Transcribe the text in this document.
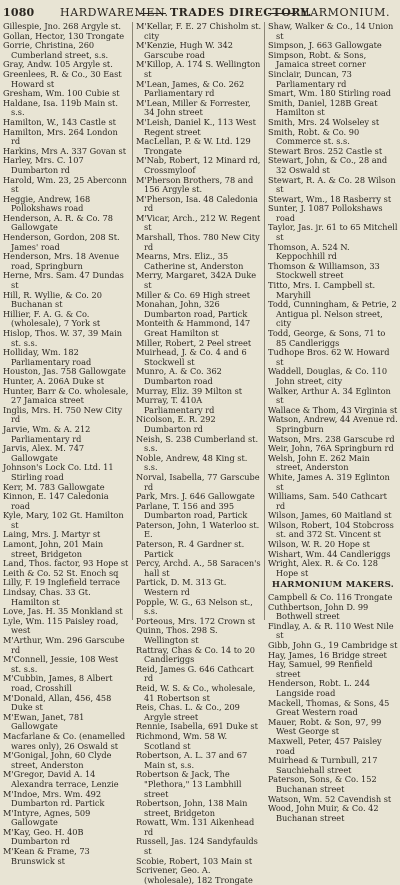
1080 HARDWAREMEN. TRADES DIRECTORY.
HARMONIUM.

Gillespie, Jno. 268 Argyle st.

Gollan, Hector, 130 Trongate

Gorrie, Christina, 260 Cumberland street, s.s.

Gray, Andw. 105 Argyle st.

Greenlees, R. & Co., 30 East Howard st

Gresham, Wm. 100 Cubie st

Haldane, Isa. 119b Main st. s.s.

Hamilton, W., 143 Castle st

Hamilton, Mrs. 264 London rd

Harkins, Mrs A. 337 Govan st

Harley, Mrs. C. 107 Dumbarton rd

Harold, Wm. 23, 25 Aberconn st

Heggie, Andrew, 168 Pollokshaws road

Henderson, A. R. & Co. 78 Gallowgate

Henderson, Gordon, 208 St. James' road

Henderson, Mrs. 18 Avenue road, Springburn

Herne, Mrs. Sam. 47 Dundas st

Hill, R. Wyllie, & Co. 20 Buchanan st

Hillier, F. A. G. & Co. (wholesale), 7 York st

Hislop, Thos. W. 37, 39 Main st. s.s.

Holliday, Wm. 182 Parliamentary road

Houston, Jas. 758 Gallowgate

Hunter, A. 206A Duke st

Hunter, Barr & Co. wholesale, 27 Jamaica street

Inglis, Mrs. H. 750 New City rd

Jarvie, Wm. & A. 212 Parliamentary rd

Jarvis, Alex. M. 747 Gallowgate

Johnson's Lock Co. Ltd. 11 Stirling road

Kerr, M. 783 Gallowgate

Kinnon, E. 147 Caledonia road

Kyle, Mary, 102 Gt. Hamilton st

Laing, Mrs. J. Martyr st

Lamont, John, 201 Main street, Bridgeton

Land, Thos. factor, 93 Hope st

Leith & Co. 52 St. Enoch sq

Lilly, F. 19 Inglefield terrace

Lindsay, Chas. 33 Gt. Hamilton st

Love, Jas. H. 35 Monkland st

Lyle, Wm. 115 Paisley road, west

M'Arthur, Wm. 296 Garscube rd

M'Connell, Jessie, 108 West st. s.s.

M'Cubbin, James, 8 Albert road, Crosshill

M'Donald, Allan, 456, 458 Duke st

M'Ewan, Janet, 781 Gallowgate

Macfarlane & Co. (enamelled wares only), 26 Oswald st

M'Gonigal, John, 60 Clyde street, Anderston

M'Gregor, David A. 14 Alexandra terrace, Lenzie

M'Indoe, Mrs. Wm. 492 Dumbarton rd. Partick

M'Intyre, Agnes, 509 Gallowgate

M'Kay, Geo. H. 40B Dumbarton rd

M'Kean & Frame, 73 Brunswick st

M'Kellar, F. E. 27 Chisholm st. city

M'Kenzie, Hugh W. 342 Garscube road

M'Killop, A. 174 S. Wellington st

M'Lean, James, & Co. 262 Parliamentary rd

M'Lean, Miller & Forrester, 34 John street

M'Leish, Daniel K., 113 West Regent street

MacLellan, P. & W. Ltd. 129 Trongate

M'Nab, Robert, 12 Minard rd, Crossmyloof

M'Pherson Brothers, 78 and 156 Argyle st.

M'Pherson, Isa. 48 Caledonia rd

M'Vicar, Arch., 212 W. Regent st

Marshall, Thos. 780 New City rd

Mearns, Mrs. Eliz., 35 Catherine st, Anderston

Merry, Margaret, 342A Duke st

Miller & Co. 69 High street

Monahan, John, 326 Dumbarton road, Partick

Monteith & Hammond, 147 Great Hamilton st

Miller, Robert, 2 Peel street

Muirhead, J. & Co. 4 and 6 Stockwell st

Munro, A. & Co. 362 Dumbarton road

Murray, Eliz. 39 Milton st

Murray, T. 410A Parliamentary rd

Nicolson, E. R. 292 Dumbarton rd

Neish, S. 238 Cumberland st. s.s.

Noble, Andrew, 48 King st. s.s.

Norval, Isabella, 77 Garscube rd

Park, Mrs. J. 646 Gallowgate

Parlane, T. 156 and 395 Dumbarton road, Partick

Paterson, John, 1 Waterloo st. E.

Paterson, R. 4 Gardner st. Partick

Percy, Archd. A., 58 Saracen's hall st

Partick, D. M. 313 Gt. Western rd

Popple, W. G., 63 Nelson st., s.s.

Porteous, Mrs. 172 Crown st

Quinn, Thos. 298 S. Wellington st

Rattray, Chas & Co. 14 to 20 Candleriggs

Reid, James G. 646 Cathcart rd

Reid, W. S. & Co., wholesale, 41 Robertson st

Reis, Chas. L. & Co., 209 Argyle street

Rennie, Isabella, 691 Duke st

Richmond, Wm. 58 W. Scotland st

Robertson, A. L. 37 and 67 Main st, s.s.

Robertson & Jack, The "Plethora," 13 Lambhill street

Robertson, John, 138 Main street, Bridgeton

Rowatt, Wm. 131 Aikenhead rd

Russell, Jas. 124 Sandyfaulds st

Scobie, Robert, 103 Main st

Scrivener, Geo. A. (wholesale), 182 Trongate

Shaw, Walker & Co., 14 Union st

Simpson, J. 663 Gallowgate

Simpson, Robt. & Sons, Jamaica street corner

Sinclair, Duncan, 73 Parliamentary rd

Smart, Wm. 180 Stirling road

Smith, Daniel, 128B Great Hamilton st

Smith, Mrs. 24 Wolseley st

Smith, Robt. & Co. 90 Commerce st. s.s.

Stewart Bros. 252 Castle st

Stewart, John, & Co., 28 and 32 Oswald st

Stewart, R. A. & Co. 28 Wilson st

Stewart, Wm., 18 Rasberry st

Sunter, J. 1087 Pollokshaws road

Taylor, Jas. jr. 61 to 65 Mitchell st

Thomson, A. 524 N. Keppochhill rd

Thomson & Williamson, 33 Stockwell street

Titto, Mrs. I. Campbell st. Maryhill

Todd, Cunningham, & Petrie, 2 Antigua pl. Nelson street, city

Todd, George, & Sons, 71 to 85 Candleriggs

Tudhope Bros. 62 W. Howard st

Waddell, Douglas, & Co. 110 John street, city

Walker, Arthur A. 34 Eglinton st

Wallace & Thom, 43 Virginia st

Watson, Andrew, 44 Avenue rd. Springburn

Watson, Mrs. 238 Garscube rd

Weir, John, 76A Springburn rd

Welsh, John E. 262 Main street, Anderston

White, James A. 319 Eglinton st

Williams, Sam. 540 Cathcart rd

Wilson, James, 60 Maitland st

Wilson, Robert, 104 Stobcross st. and 372 St. Vincent st

Wilson, W. R. 20 Hope st

Wishart, Wm. 44 Candleriggs

Wright, Alex. R. & Co. 128 Hope st

HARMONIUM MAKERS.

Campbell & Co. 116 Trongate

Cuthbertson, John D. 99 Bothwell street

Findlay, A. & R. 110 West Nile st

Gibb, John G., 19 Cambridge st

Hay, James, 16 Bridge street

Hay, Samuel, 99 Renfield street

Henderson, Robt. L. 244 Langside road

Mackell, Thomas, & Sons, 45 Great Western road

Mauer, Robt. & Son, 97, 99 West George st

Maxwell, Peter, 457 Paisley road

Muirhead & Turnbull, 217 Sauchiehall street

Paterson, Sons, & Co. 152 Buchanan street

Watson, Wm. 52 Cavendish st

Wood, John Muir, & Co. 42 Buchanan street
